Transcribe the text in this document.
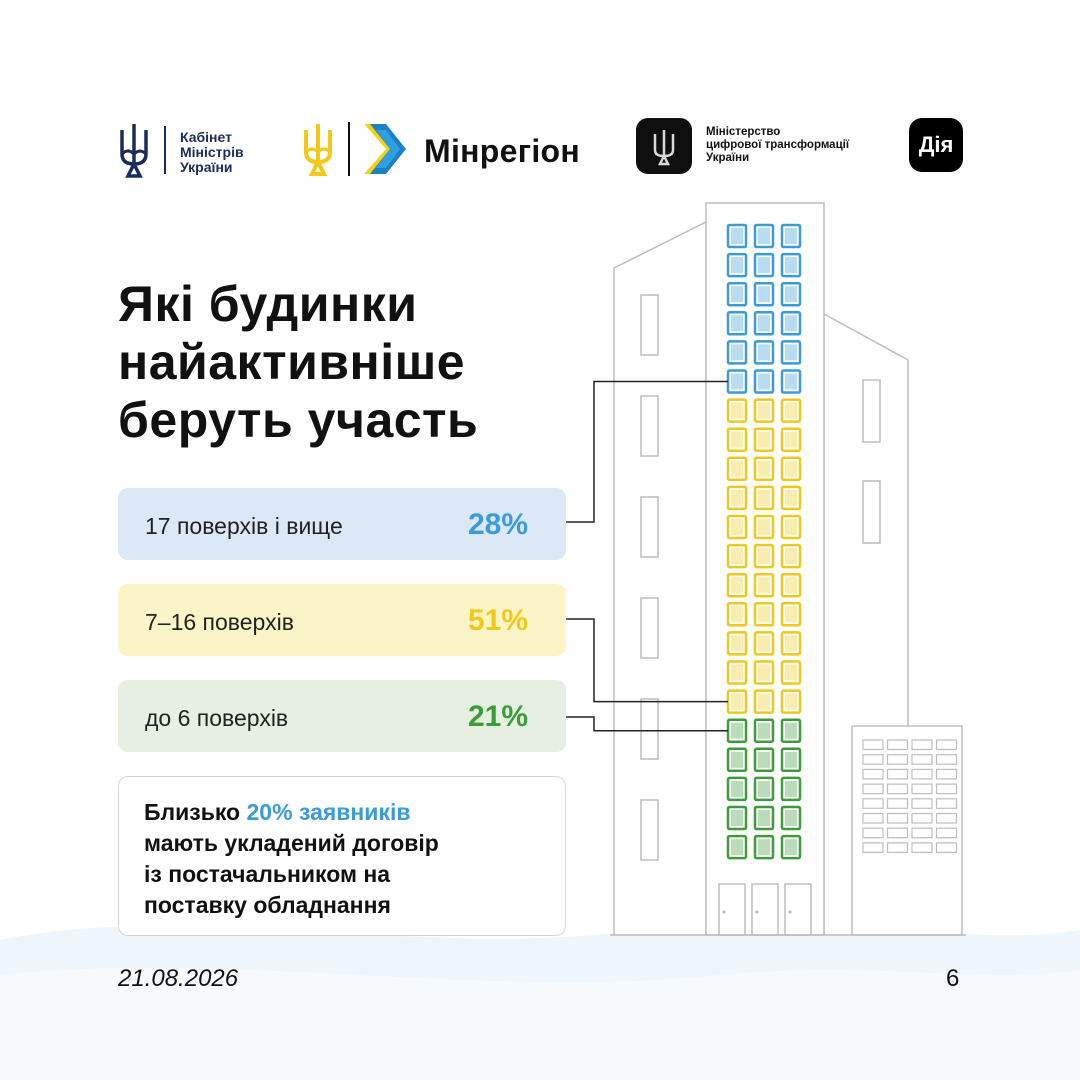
Кабінет
Міністрів
України	Мінрегіон
Міністерство
цифрової трансформації
України
Дія
Які будинки найактивніше беруть участь
17 поверхів і вище	28%
7–16 поверхів	51%
до 6 поверхів	21%
Близько 20% заявників
мають укладений договір
із постачальником на
поставку обладнання
21.08.2026	6
